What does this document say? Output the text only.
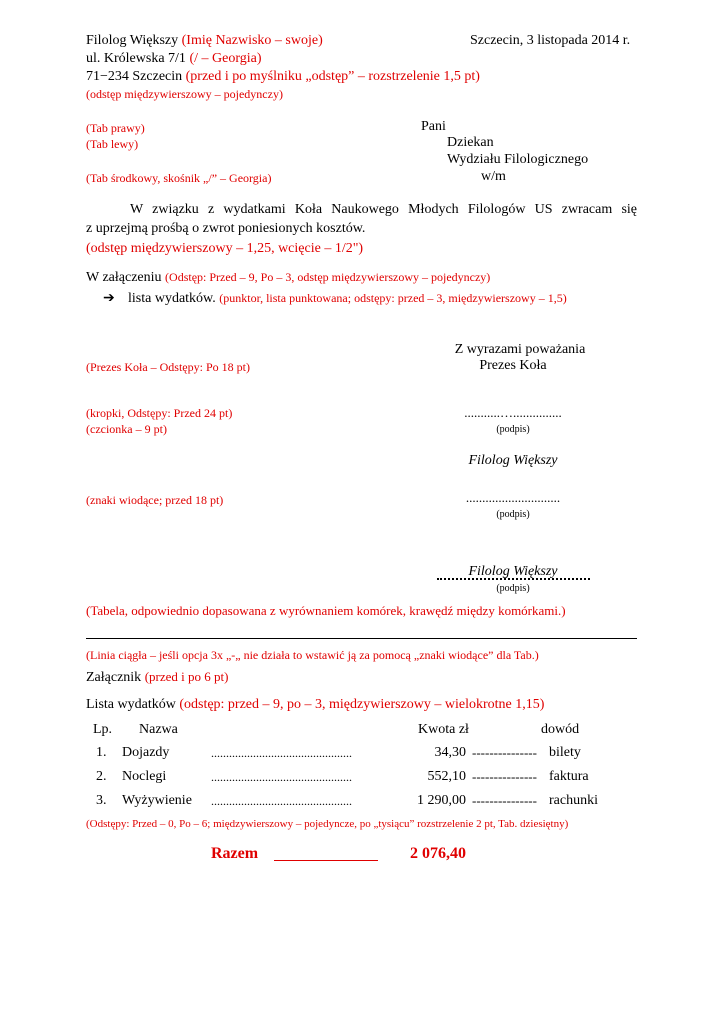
Filolog Większy (Imię Nazwisko – swoje)	Szczecin, 3 listopada 2014 r.
ul. Królewska 7/1 (/ – Georgia)
71−234 Szczecin (przed i po myślniku „odstęp” – rozstrzelenie 1,5 pt)
(odstęp międzywierszowy – pojedynczy)
(Tab prawy)	Pani
(Tab lewy)	Dziekan
Wydziału Filologicznego
(Tab środkowy, skośnik „/” – Georgia)	w/m
W związku z wydatkami Koła Naukowego Młodych Filologów US zwracam się
z uprzejmą prośbą o zwrot poniesionych kosztów.
(odstęp międzywierszowy – 1,25, wcięcie – 1/2")
W załączeniu (Odstęp: Przed – 9, Po – 3, odstęp międzywierszowy – pojedynczy)
➔ lista wydatków. (punktor, lista punktowana; odstępy: przed – 3, międzywierszowy – 1,5)
Z wyrazami poważania
(Prezes Koła – Odstępy: Po 18 pt)	Prezes Koła
(kropki, Odstępy: Przed 24 pt)	...........…...............
(czcionka – 9 pt)	(podpis)
Filolog Większy
(znaki wiodące; przed 18 pt)	.............................
(podpis)
Filolog Większy
(podpis)
(Tabela, odpowiednio dopasowana z wyrównaniem komórek, krawędź między komórkami.)
(Linia ciągła – jeśli opcja 3x „-„ nie działa to wstawić ją za pomocą „znaki wiodące” dla Tab.)
Załącznik (przed i po 6 pt)
Lista wydatków (odstęp: przed – 9, po – 3, międzywierszowy – wielokrotne 1,15)
Lp. Nazwa	Kwota zł	dowód
1. Dojazdy	...............................................	34,30 --------------- bilety
2. Noclegi	...............................................	552,10 --------------- faktura
3. Wyżywienie ...............................................	1 290,00 --------------- rachunki
(Odstępy: Przed – 0, Po – 6; międzywierszowy – pojedyncze, po „tysiącu” rozstrzelenie 2 pt, Tab. dziesiętny)
Razem	2 076,40
